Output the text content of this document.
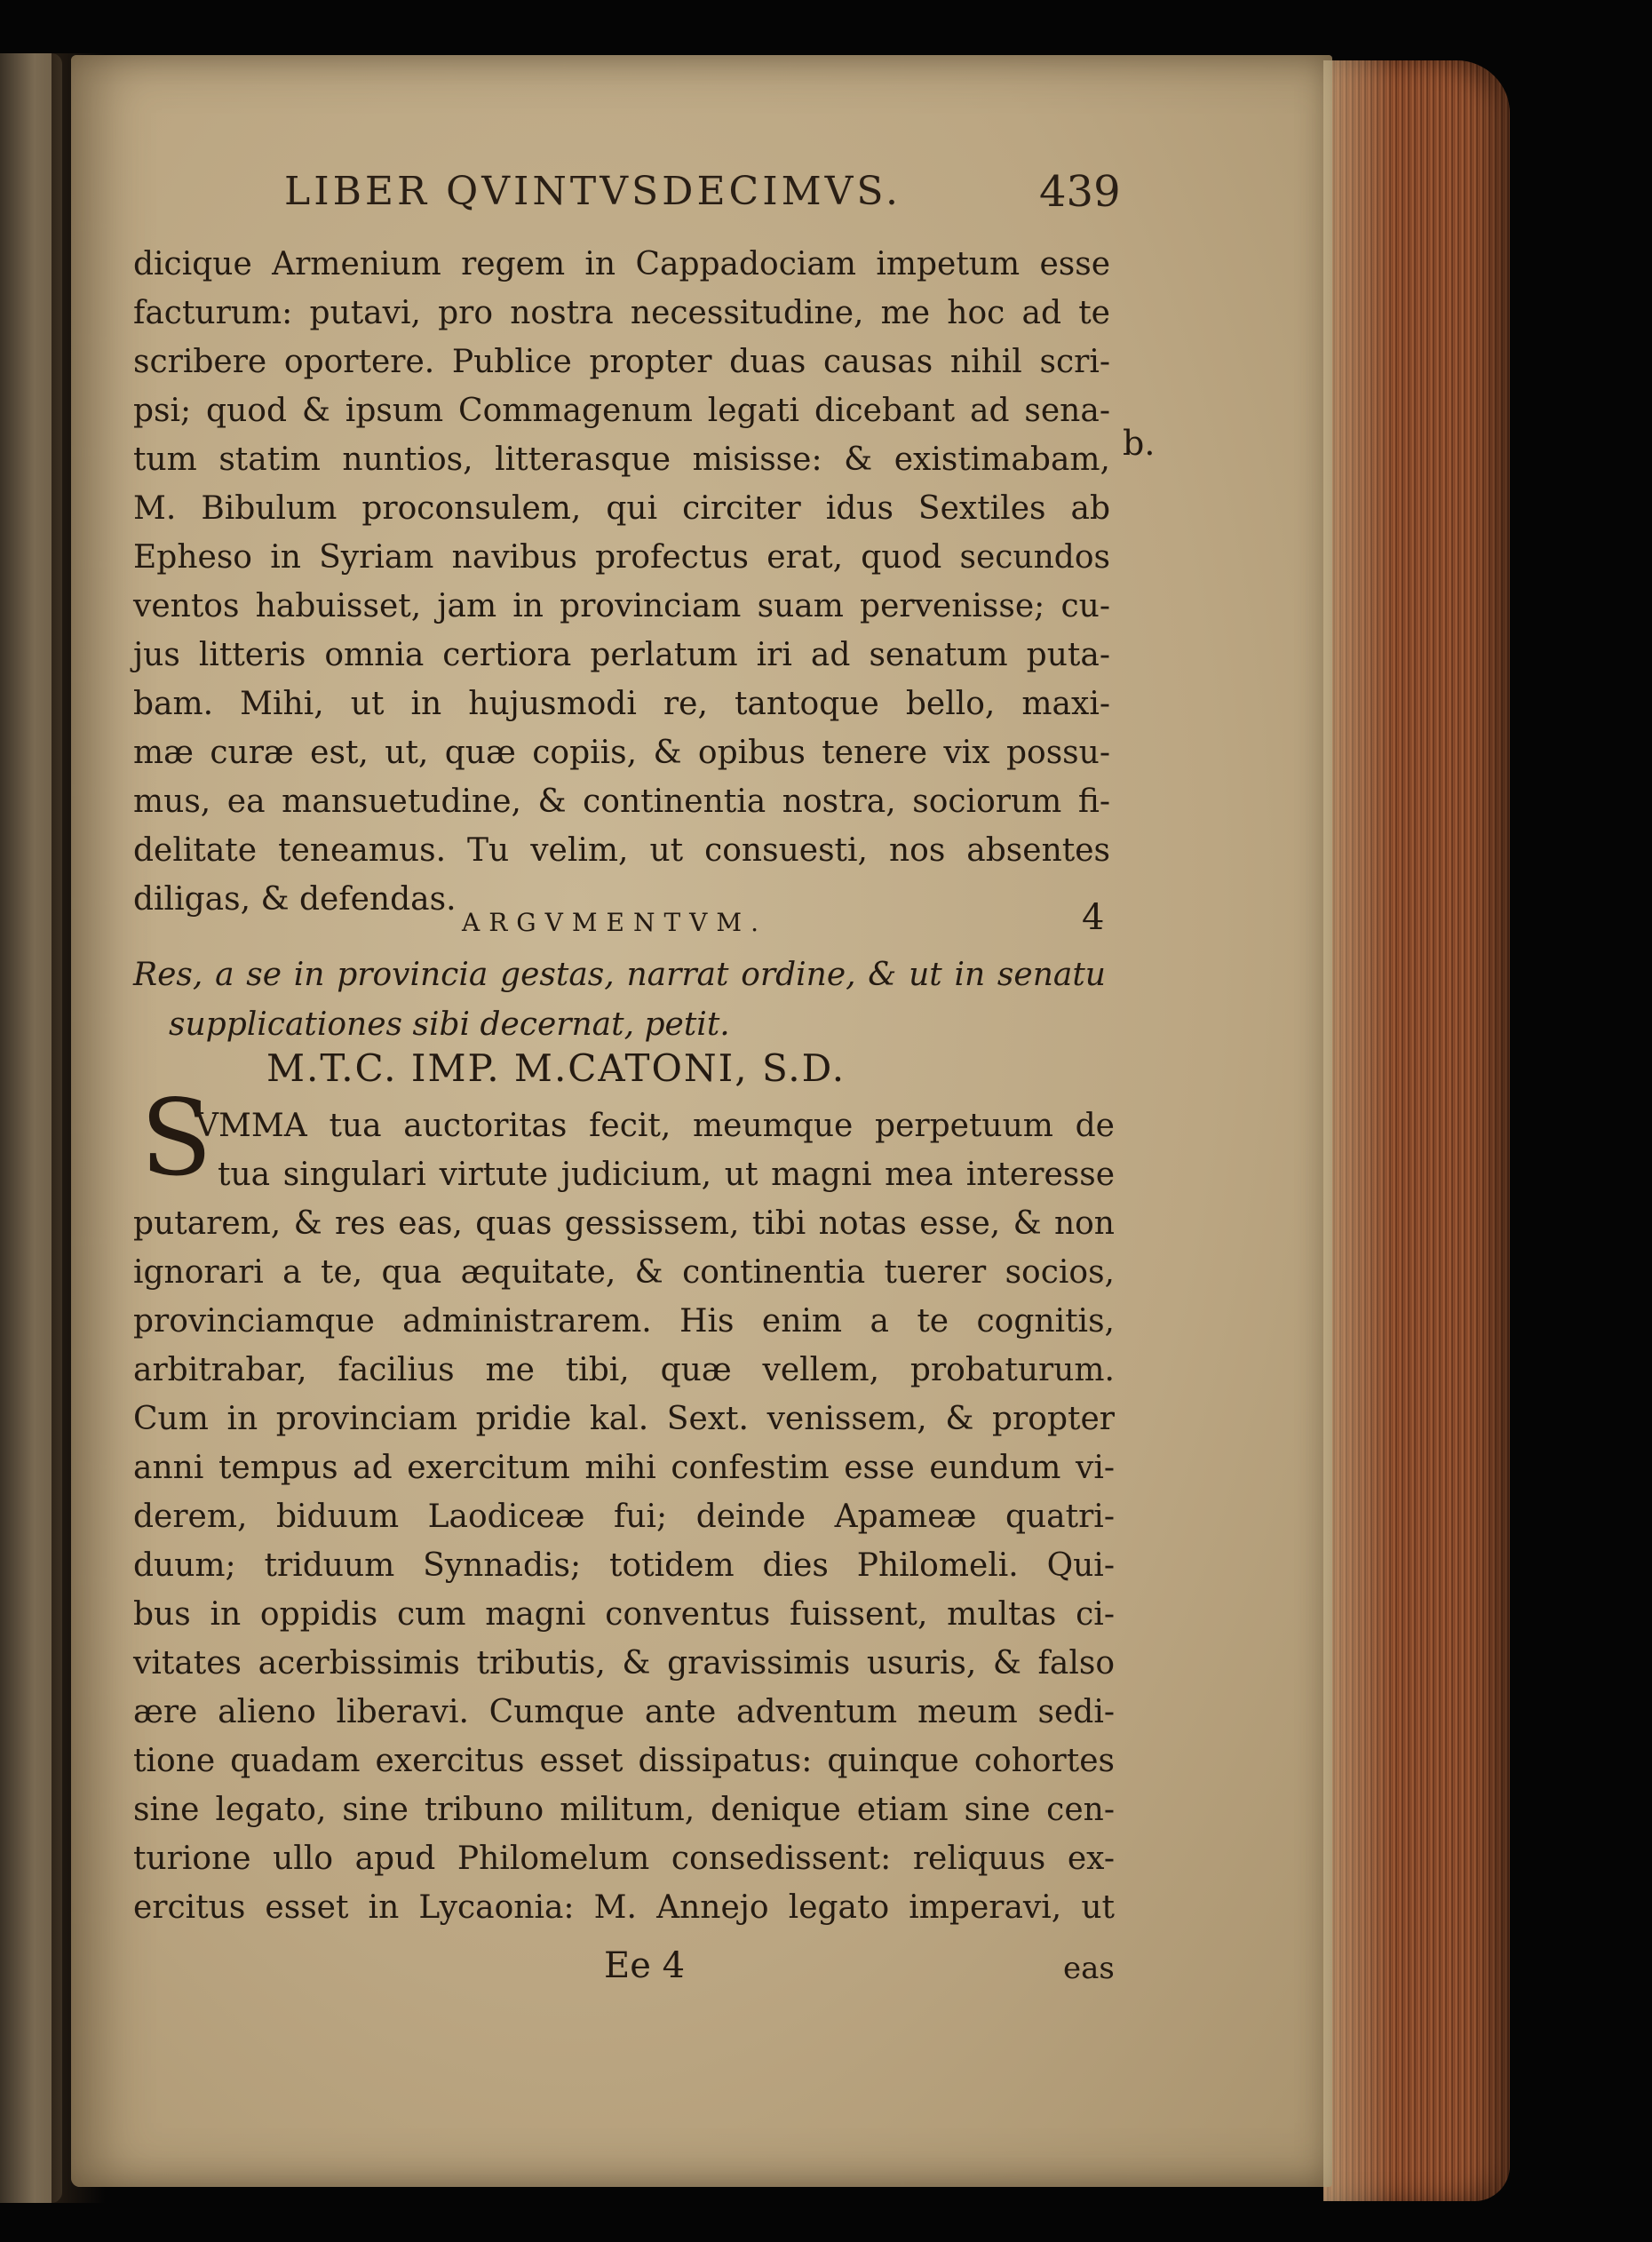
LIBER QVINTVSDECIMVS.	439
dicique Armenium regem in Cappadociam impetum esse
facturum: putavi, pro nostra necessitudine, me hoc ad te
scribere oportere. Publice propter duas causas nihil scri-
psi; quod & ipsum Commagenum legati dicebant ad sena-
tum statim nuntios, litterasque misisse: & existimabam,
M. Bibulum proconsulem, qui circiter idus Sextiles ab
Epheso in Syriam navibus profectus erat, quod secundos
ventos habuisset, jam in provinciam suam pervenisse; cu-
jus litteris omnia certiora perlatum iri ad senatum puta-
bam. Mihi, ut in hujusmodi re, tantoque bello, maxi-
mæ curæ est, ut, quæ copiis, & opibus tenere vix possu-
mus, ea mansuetudine, & continentia nostra, sociorum fi-
delitate teneamus. Tu velim, ut consuesti, nos absentes
diligas, & defendas.
b.
ARGVMENTVM.	4
Res, a se in provincia gestas, narrat ordine, & ut in senatu
supplicationes sibi decernat, petit.
M.T.C. IMP. M.CATONI, S.D.
S
VMMA tua auctoritas fecit, meumque perpetuum de
tua singulari virtute judicium, ut magni mea interesse
putarem, & res eas, quas gessissem, tibi notas esse, & non
ignorari a te, qua æquitate, & continentia tuerer socios,
provinciamque administrarem. His enim a te cognitis,
arbitrabar, facilius me tibi, quæ vellem, probaturum.
Cum in provinciam pridie kal. Sext. venissem, & propter
anni tempus ad exercitum mihi confestim esse eundum vi-
derem, biduum Laodiceæ fui; deinde Apameæ quatri-
duum; triduum Synnadis; totidem dies Philomeli. Qui-
bus in oppidis cum magni conventus fuissent, multas ci-
vitates acerbissimis tributis, & gravissimis usuris, & falso
ære alieno liberavi. Cumque ante adventum meum sedi-
tione quadam exercitus esset dissipatus: quinque cohortes
sine legato, sine tribuno militum, denique etiam sine cen-
turione ullo apud Philomelum consedissent: reliquus ex-
ercitus esset in Lycaonia: M. Annejo legato imperavi, ut
Ee 4	eas
